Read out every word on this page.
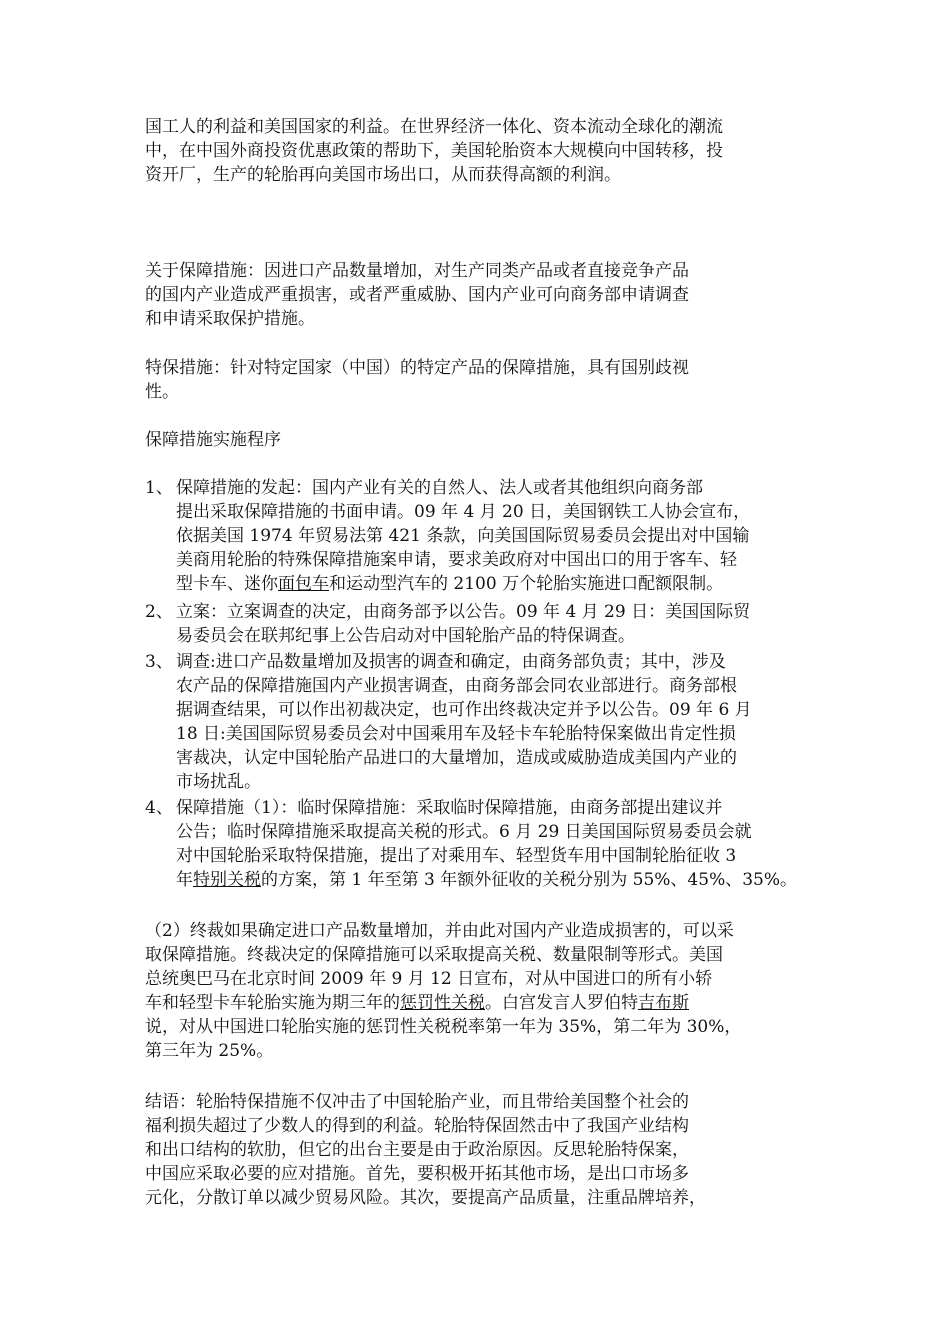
国工人的利益和美国国家的利益。在世界经济一体化、资本流动全球化的潮流

中，在中国外商投资优惠政策的帮助下，美国轮胎资本大规模向中国转移，投

资开厂，生产的轮胎再向美国市场出口，从而获得高额的利润。

关于保障措施：因进口产品数量增加，对生产同类产品或者直接竞争产品

的国内产业造成严重损害，或者严重威胁、国内产业可向商务部申请调查

和申请采取保护措施。

特保措施：针对特定国家（中国）的特定产品的保障措施，具有国别歧视

性。

保障措施实施程序

1、 保障措施的发起：国内产业有关的自然人、法人或者其他组织向商务部

提出采取保障措施的书面申请。09 年 4 月 20 日，美国钢铁工人协会宣布，

依据美国 1974 年贸易法第 421 条款，向美国国际贸易委员会提出对中国输

美商用轮胎的特殊保障措施案申请，要求美政府对中国出口的用于客车、轻

型卡车、迷你面包车和运动型汽车的 2100 万个轮胎实施进口配额限制。

2、 立案：立案调查的决定，由商务部予以公告。09 年 4 月 29 日：美国国际贸

易委员会在联邦纪事上公告启动对中国轮胎产品的特保调查。

3、 调查:进口产品数量增加及损害的调查和确定，由商务部负责；其中，涉及

农产品的保障措施国内产业损害调查，由商务部会同农业部进行。商务部根

据调查结果，可以作出初裁决定，也可作出终裁决定并予以公告。09 年 6 月

18 日:美国国际贸易委员会对中国乘用车及轻卡车轮胎特保案做出肯定性损

害裁决，认定中国轮胎产品进口的大量增加，造成或威胁造成美国内产业的

市场扰乱。

4、 保障措施（1）：临时保障措施：采取临时保障措施，由商务部提出建议并

公告；临时保障措施采取提高关税的形式。6 月 29 日美国国际贸易委员会就

对中国轮胎采取特保措施，提出了对乘用车、轻型货车用中国制轮胎征收 3

年特别关税的方案，第 1 年至第 3 年额外征收的关税分别为 55%、45%、35%。

（2）终裁如果确定进口产品数量增加，并由此对国内产业造成损害的，可以采

取保障措施。终裁决定的保障措施可以采取提高关税、数量限制等形式。美国

总统奥巴马在北京时间 2009 年 9 月 12 日宣布，对从中国进口的所有小轿

车和轻型卡车轮胎实施为期三年的惩罚性关税。白宫发言人罗伯特吉布斯

说，对从中国进口轮胎实施的惩罚性关税税率第一年为 35%，第二年为 30%，

第三年为 25%。

结语：轮胎特保措施不仅冲击了中国轮胎产业，而且带给美国整个社会的

福利损失超过了少数人的得到的利益。轮胎特保固然击中了我国产业结构

和出口结构的软肋，但它的出台主要是由于政治原因。反思轮胎特保案，

中国应采取必要的应对措施。首先，要积极开拓其他市场，是出口市场多

元化，分散订单以减少贸易风险。其次，要提高产品质量，注重品牌培养，
